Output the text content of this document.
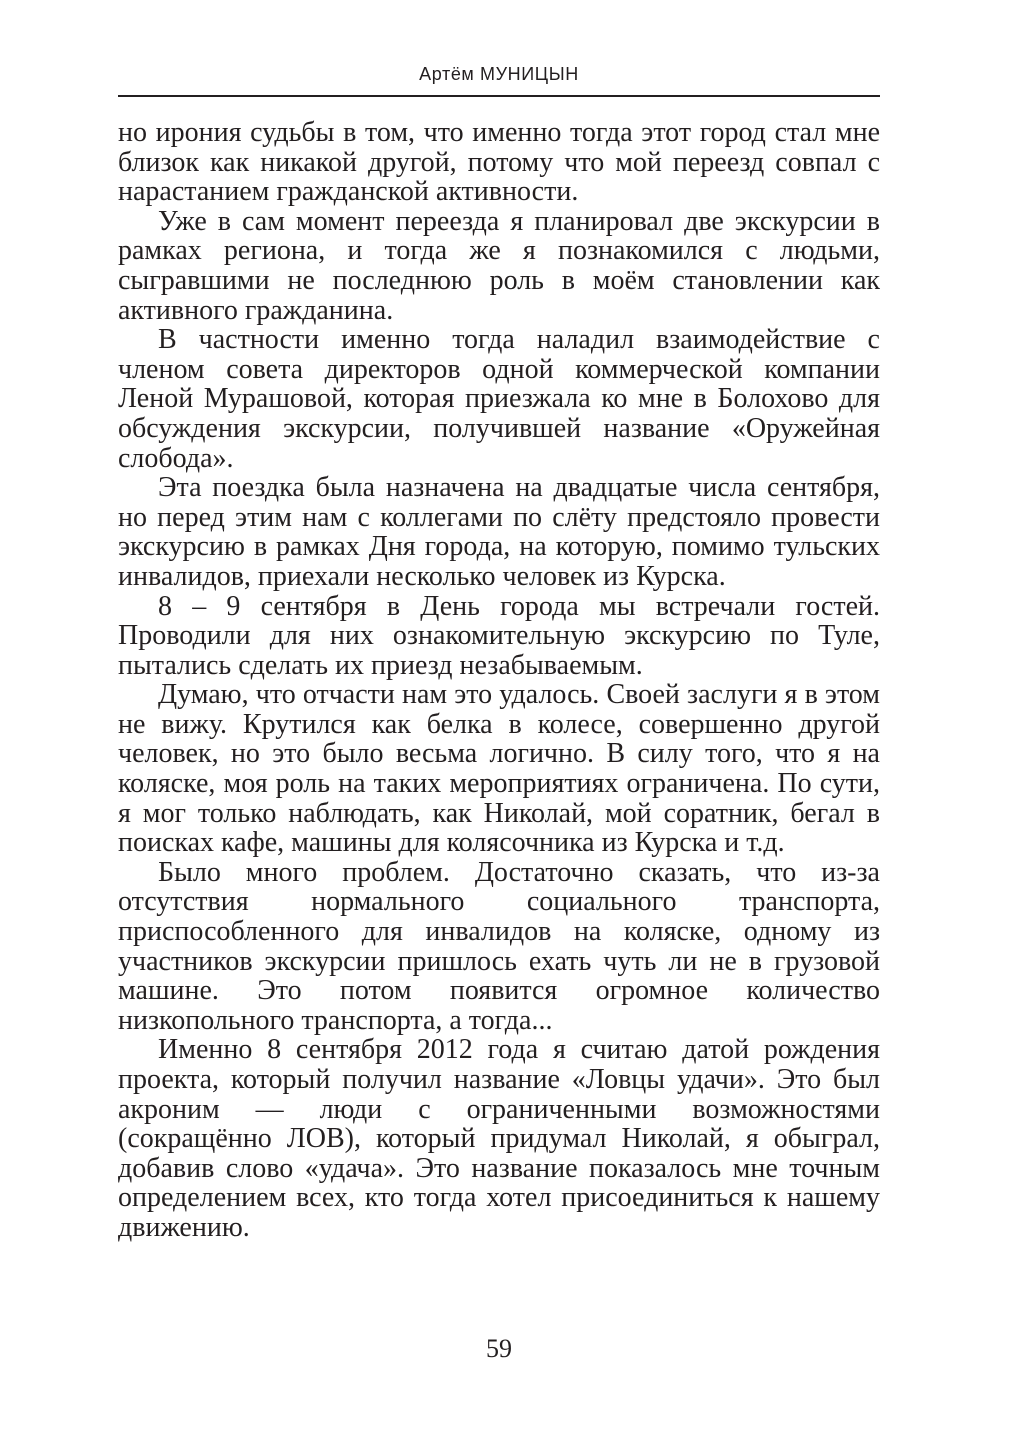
Артём МУНИЦЫН

но ирония судьбы в том, что именно тогда этот город стал мне близок как никакой другой, потому что мой переезд совпал с нарастанием гражданской активности.

Уже в сам момент переезда я планировал две экскурсии в рамках региона, и тогда же я познакомился с людьми, сыгравшими не последнюю роль в моём становлении как активного гражданина.

В частности именно тогда наладил взаимодействие с членом совета директоров одной коммерческой компании Леной Мурашовой, которая приезжала ко мне в Болохово для обсуждения экскурсии, получившей название «Оружейная слобода».

Эта поездка была назначена на двадцатые числа сентября, но перед этим нам с коллегами по слёту предстояло провести экскурсию в рамках Дня города, на которую, помимо тульских инвалидов, приехали несколько человек из Курска.

8 – 9 сентября в День города мы встречали гостей. Проводили для них ознакомительную экскурсию по Туле, пытались сделать их приезд незабываемым.

Думаю, что отчасти нам это удалось. Своей заслуги я в этом не вижу. Крутился как белка в колесе, совершенно другой человек, но это было весьма логично. В силу того, что я на коляске, моя роль на таких мероприятиях ограничена. По сути, я мог только наблюдать, как Николай, мой соратник, бегал в поисках кафе, машины для колясочника из Курска и т.д.

Было много проблем. Достаточно сказать, что из-за отсутствия нормального социального транспорта, приспособленного для инвалидов на коляске, одному из участников экскурсии пришлось ехать чуть ли не в грузовой машине. Это потом появится огромное количество низкопольного транспорта, а тогда...

Именно 8 сентября 2012 года я считаю датой рождения проекта, который получил название «Ловцы удачи». Это был акроним — люди с ограниченными возможностями (сокращённо ЛОВ), который придумал Николай, я обыграл, добавив слово «удача». Это название показалось мне точным определением всех, кто тогда хотел присоединиться к нашему движению.

59
